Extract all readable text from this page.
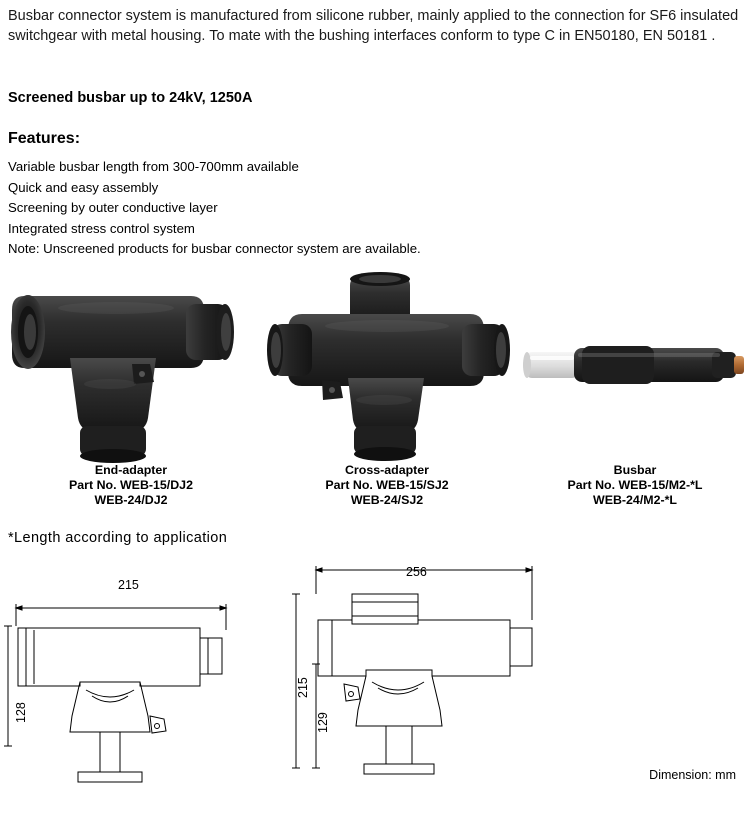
Busbar connector system is manufactured from silicone rubber, mainly applied to the connection for SF6 insulated switchgear with metal housing. To mate with the bushing interfaces conform to type C in EN50180, EN 50181 .
Screened busbar up to 24kV, 1250A
Features:
Variable busbar length from 300-700mm available
Quick and easy assembly
Screening by outer conductive layer
Integrated stress control system
Note: Unscreened products for busbar connector system are available.
End-adapter
Part No. WEB-15/DJ2
WEB-24/DJ2
Cross-adapter
Part No. WEB-15/SJ2
WEB-24/SJ2
Busbar
Part No. WEB-15/M2-*L
WEB-24/M2-*L
*Length according to application
215
128
256
215
129
Dimension: mm
